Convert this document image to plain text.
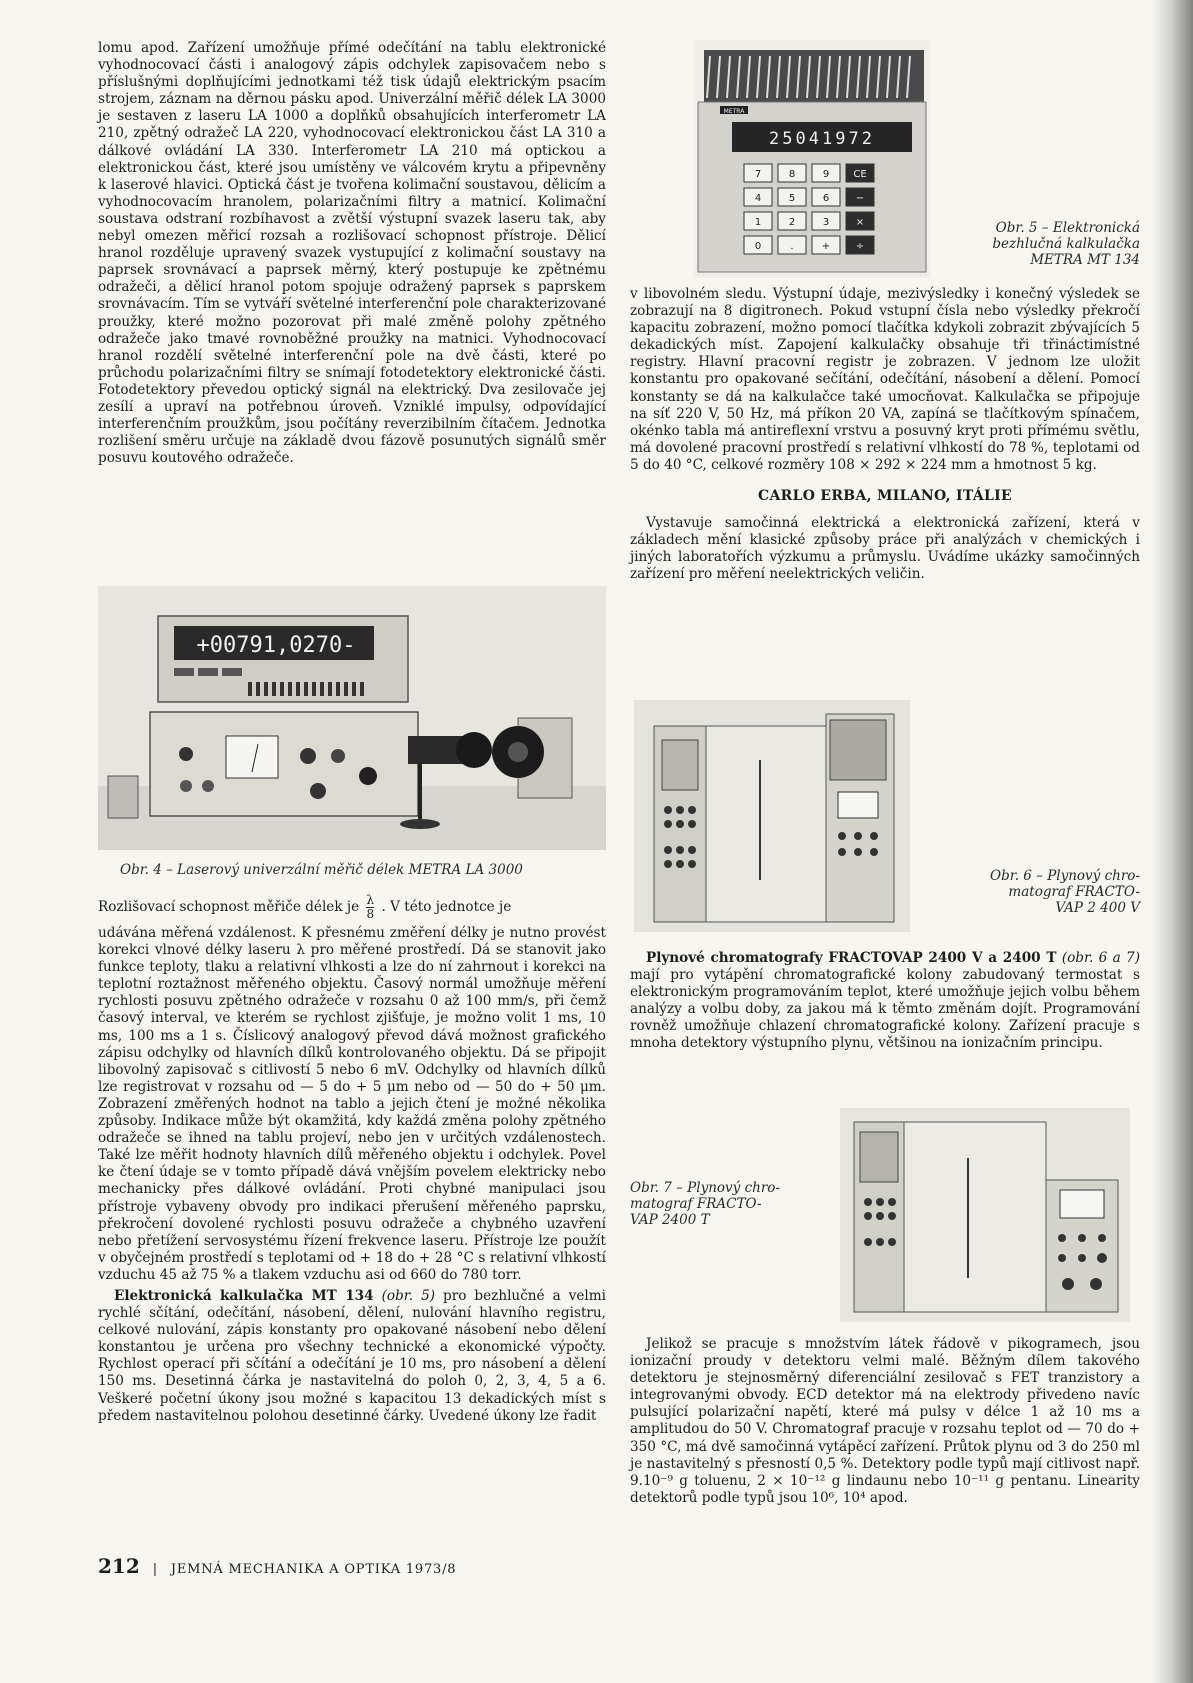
lomu apod. Zařízení umožňuje přímé odečítání na tablu elektronické vyhodnocovací části i analogový zápis odchylek zapisovačem nebo s příslušnými doplňujícími jednotkami též tisk údajů elektrickým psacím strojem, záznam na děrnou pásku apod. Univerzální měřič délek LA 3000 je sestaven z laseru LA 1000 a doplňků obsahujících interferometr LA 210, zpětný odražeč LA 220, vyhodnocovací elektronickou část LA 310 a dálkové ovládání LA 330. Interferometr LA 210 má optickou a elektronickou část, které jsou umístěny ve válcovém krytu a připevněny k laserové hlavici. Optická část je tvořena kolimační soustavou, dělicím a vyhodnocovacím hranolem, polarizačními filtry a matnicí. Kolimační soustava odstraní rozbíhavost a zvětší výstupní svazek laseru tak, aby nebyl omezen měřicí rozsah a rozlišovací schopnost přístroje. Dělicí hranol rozděluje upravený svazek vystupující z kolimační soustavy na paprsek srovnávací a paprsek měrný, který postupuje ke zpětnému odražeči, a dělicí hranol potom spojuje odražený paprsek s paprskem srovnávacím. Tím se vytváří světelné interferenční pole charakterizované proužky, které možno pozorovat při malé změně polohy zpětného odražeče jako tmavé rovnoběžné proužky na matnici. Vyhodnocovací hranol rozdělí světelné interferenční pole na dvě části, které po průchodu polarizačními filtry se snímají fotodetektory elektronické části. Fotodetektory převedou optický signál na elektrický. Dva zesilovače jej zesílí a upraví na potřebnou úroveň. Vzniklé impulsy, odpovídající interferenčním proužkům, jsou počítány reverzibilním čítačem. Jednotka rozlišení směru určuje na základě dvou fázově posunutých signálů směr posuvu koutového odražeče.

+00791,0270-
Obr. 4 – Laserový univerzální měřič délek METRA LA 3000

Rozlišovací schopnost měřiče délek je $\frac{\lambda}{8}$ . V této jednotce je

udávána měřená vzdálenost. K přesnému změření délky je nutno provést korekci vlnové délky laseru λ pro měřené prostředí. Dá se stanovit jako funkce teploty, tlaku a relativní vlhkosti a lze do ní zahrnout i korekci na teplotní roztažnost měřeného objektu. Časový normál umožňuje měření rychlosti posuvu zpětného odražeče v rozsahu 0 až 100 mm/s, při čemž časový interval, ve kterém se rychlost zjišťuje, je možno volit 1 ms, 10 ms, 100 ms a 1 s. Číslicový analogový převod dává možnost grafického zápisu odchylky od hlavních dílků kontrolovaného objektu. Dá se připojit libovolný zapisovač s citlivostí 5 nebo 6 mV. Odchylky od hlavních dílků lze registrovat v rozsahu od — 5 do + 5 μm nebo od — 50 do + 50 μm. Zobrazení změřených hodnot na tablo a jejich čtení je možné několika způsoby. Indikace může být okamžitá, kdy každá změna polohy zpětného odražeče se ihned na tablu projeví, nebo jen v určitých vzdálenostech. Také lze měřit hodnoty hlavních dílů měřeného objektu i odchylek. Povel ke čtení údaje se v tomto případě dává vnějším povelem elektricky nebo mechanicky přes dálkové ovládání. Proti chybné manipulaci jsou přístroje vybaveny obvody pro indikaci přerušení měřeného paprsku, překročení dovolené rychlosti posuvu odražeče a chybného uzavření nebo přetížení servosystému řízení frekvence laseru. Přístroje lze použít v obyčejném prostředí s teplotami od + 18 do + 28 °C s relativní vlhkostí vzduchu 45 až 75 % a tlakem vzduchu asi od 660 do 780 torr.

Elektronická kalkulačka MT 134 (obr. 5) pro bezhlučné a velmi rychlé sčítání, odečítání, násobení, dělení, nulování hlavního registru, celkové nulování, zápis konstanty pro opakované násobení nebo dělení konstantou je určena pro všechny technické a ekonomické výpočty. Rychlost operací při sčítání a odečítání je 10 ms, pro násobení a dělení 150 ms. Desetinná čárka je nastavitelná do poloh 0, 2, 3, 4, 5 a 6. Veškeré početní úkony jsou možné s kapacitou 13 dekadických míst s předem nastavitelnou polohou desetinné čárky. Uvedené úkony lze řadit

METRA
25041972
7	8	9 CE
4	5	6	−
1	2	3	×
0	.	+	÷
Obr. 5 – Elektronická
bezhlučná kalkulačka
METRA MT 134

v libovolném sledu. Výstupní údaje, mezivýsledky i konečný výsledek se zobrazují na 8 digitronech. Pokud vstupní čísla nebo výsledky překročí kapacitu zobrazení, možno pomocí tlačítka kdykoli zobrazit zbývajících 5 dekadických míst. Zapojení kalkulačky obsahuje tři třináctimístné registry. Hlavní pracovní registr je zobrazen. V jednom lze uložit konstantu pro opakované sečítání, odečítání, násobení a dělení. Pomocí konstanty se dá na kalkulačce také umocňovat. Kalkulačka se připojuje na síť 220 V, 50 Hz, má příkon 20 VA, zapíná se tlačítkovým spínačem, okénko tabla má antireflexní vrstvu a posuvný kryt proti přímému světlu, má dovolené pracovní prostředí s relativní vlhkostí do 78 %, teplotami od 5 do 40 °C, celkové rozměry 108 × 292 × 224 mm a hmotnost 5 kg.

CARLO ERBA, MILANO, ITÁLIE

Vystavuje samočinná elektrická a elektronická zařízení, která v základech mění klasické způsoby práce při analýzách v chemických i jiných laboratořích výzkumu a průmyslu. Uvádíme ukázky samočinných zařízení pro měření neelektrických veličin.

Obr. 6 – Plynový chro-
matograf FRACTO-
VAP 2 400 V

Plynové chromatografy FRACTOVAP 2400 V a 2400 T (obr. 6 a 7) mají pro vytápění chromatografické kolony zabudovaný termostat s elektronickým programováním teplot, které umožňuje jejich volbu během analýzy a volbu doby, za jakou má k těmto změnám dojít. Programování rovněž umožňuje chlazení chromatografické kolony. Zařízení pracuje s mnoha detektory výstupního plynu, většinou na ionizačním principu.

Obr. 7 – Plynový chro-
matograf FRACTO-
VAP 2400 T

Jelikož se pracuje s množstvím látek řádově v pikogramech, jsou ionizační proudy v detektoru velmi malé. Běžným dílem takového detektoru je stejnosměrný diferenciální zesilovač s FET tranzistory a integrovanými obvody. ECD detektor má na elektrody přivedeno navíc pulsující polarizační napětí, které má pulsy v délce 1 až 10 ms a amplitudou do 50 V. Chromatograf pracuje v rozsahu teplot od — 70 do + 350 °C, má dvě samočinná vytápěcí zařízení. Průtok plynu od 3 do 250 ml je nastavitelný s přesností 0,5 %. Detektory podle typů mají citlivost např. 9.10⁻⁹ g toluenu, 2 × 10⁻¹² g lindaunu nebo 10⁻¹¹ g pentanu. Linearity detektorů podle typů jsou 10⁶, 10⁴ apod.

212 | JEMNÁ MECHANIKA A OPTIKA 1973/8
